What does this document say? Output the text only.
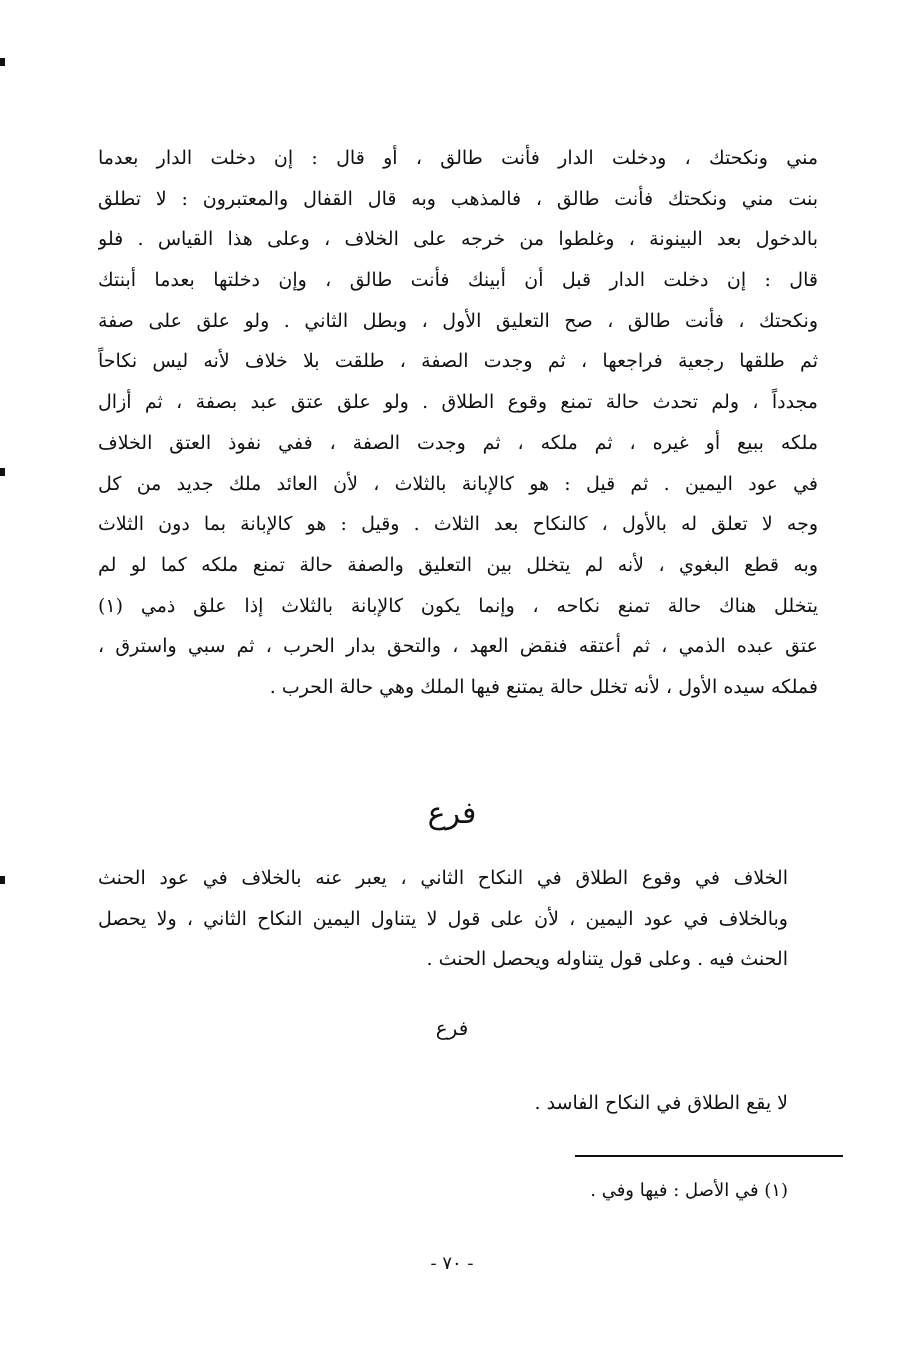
مني ونكحتك ، ودخلت الدار فأنت طالق ، أو قال : إن دخلت الدار بعدما
بنت مني ونكحتك فأنت طالق ، فالمذهب وبه قال القفال والمعتبرون : لا تطلق
بالدخول بعد البينونة ، وغلطوا من خرجه على الخلاف ، وعلى هذا القياس . فلو
قال : إن دخلت الدار قبل أن أبينك فأنت طالق ، وإن دخلتها بعدما أبنتك
ونكحتك ، فأنت طالق ، صح التعليق الأول ، وبطل الثاني . ولو علق على صفة
ثم طلقها رجعية فراجعها ، ثم وجدت الصفة ، طلقت بلا خلاف لأنه ليس نكاحاً
مجدداً ، ولم تحدث حالة تمنع وقوع الطلاق . ولو علق عتق عبد بصفة ، ثم أزال
ملكه ببيع أو غيره ، ثم ملكه ، ثم وجدت الصفة ، ففي نفوذ العتق الخلاف
في عود اليمين . ثم قيل : هو كالإبانة بالثلاث ، لأن العائد ملك جديد من كل
وجه لا تعلق له بالأول ، كالنكاح بعد الثلاث . وقيل : هو كالإبانة بما دون الثلاث
وبه قطع البغوي ، لأنه لم يتخلل بين التعليق والصفة حالة تمنع ملكه كما لو لم
يتخلل هناك حالة تمنع نكاحه ، وإنما يكون كالإبانة بالثلاث إذا علق ذمي (١)
عتق عبده الذمي ، ثم أعتقه فنقض العهد ، والتحق بدار الحرب ، ثم سبي واسترق ،
فملكه سيده الأول ، لأنه تخلل حالة يمتنع فيها الملك وهي حالة الحرب .
فرع
الخلاف في وقوع الطلاق في النكاح الثاني ، يعبر عنه بالخلاف في عود الحنث
وبالخلاف في عود اليمين ، لأن على قول لا يتناول اليمين النكاح الثاني ، ولا يحصل
الحنث فيه . وعلى قول يتناوله ويحصل الحنث .
فرع
لا يقع الطلاق في النكاح الفاسد .
(١) في الأصل : فيها وفي .
- ٧٠ -
